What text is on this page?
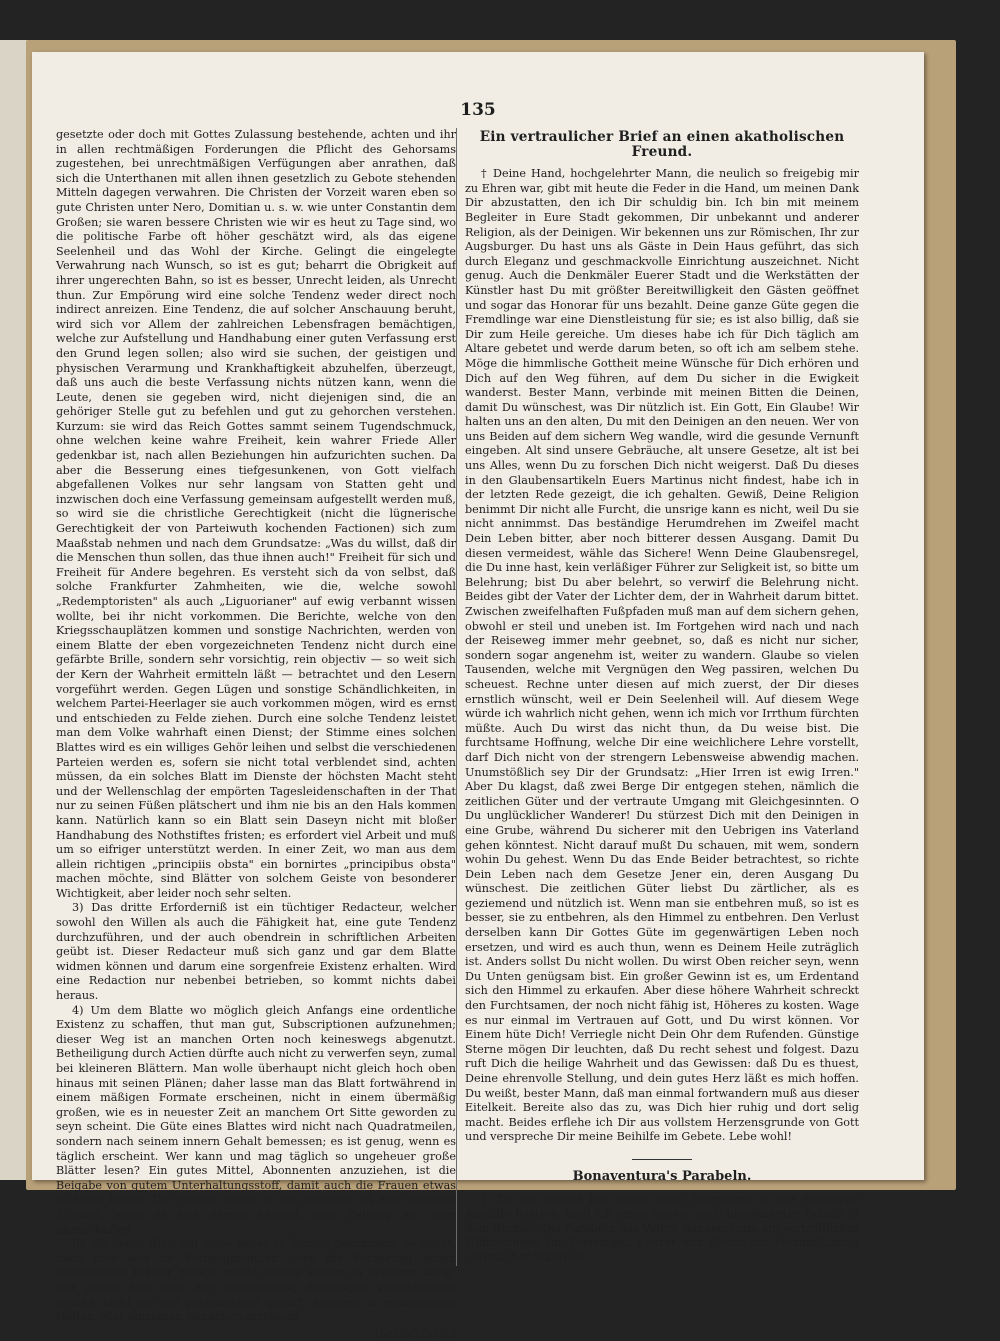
135

gesetzte oder doch mit Gottes Zulassung bestehende, achten und ihr in allen rechtmäßigen Forderungen die Pflicht des Gehorsams zugestehen, bei unrechtmäßigen Verfügungen aber anrathen, daß sich die Unterthanen mit allen ihnen gesetzlich zu Gebote stehenden Mitteln dagegen verwahren. Die Christen der Vorzeit waren eben so gute Christen unter Nero, Domitian u. s. w. wie unter Constantin dem Großen; sie waren bessere Christen wie wir es heut zu Tage sind, wo die politische Farbe oft höher geschätzt wird, als das eigene Seelenheil und das Wohl der Kirche. Gelingt die eingelegte Verwahrung nach Wunsch, so ist es gut; beharrt die Obrigkeit auf ihrer ungerechten Bahn, so ist es besser, Unrecht leiden, als Unrecht thun. Zur Empörung wird eine solche Tendenz weder direct noch indirect anreizen. Eine Tendenz, die auf solcher Anschauung beruht, wird sich vor Allem der zahlreichen Lebensfragen bemächtigen, welche zur Aufstellung und Handhabung einer guten Verfassung erst den Grund legen sollen; also wird sie suchen, der geistigen und physischen Verarmung und Krankhaftigkeit abzuhelfen, überzeugt, daß uns auch die beste Verfassung nichts nützen kann, wenn die Leute, denen sie gegeben wird, nicht diejenigen sind, die an gehöriger Stelle gut zu befehlen und gut zu gehorchen verstehen. Kurzum: sie wird das Reich Gottes sammt seinem Tugendschmuck, ohne welchen keine wahre Freiheit, kein wahrer Friede Aller gedenkbar ist, nach allen Beziehungen hin aufzurichten suchen. Da aber die Besserung eines tiefgesunkenen, von Gott vielfach abgefallenen Volkes nur sehr langsam von Statten geht und inzwischen doch eine Verfassung gemeinsam aufgestellt werden muß, so wird sie die christliche Gerechtigkeit (nicht die lügnerische Gerechtigkeit der von Parteiwuth kochenden Factionen) sich zum Maaßstab nehmen und nach dem Grundsatze: „Was du willst, daß dir die Menschen thun sollen, das thue ihnen auch!" Freiheit für sich und Freiheit für Andere begehren. Es versteht sich da von selbst, daß solche Frankfurter Zahmheiten, wie die, welche sowohl „Redemptoristen" als auch „Liguorianer" auf ewig verbannt wissen wollte, bei ihr nicht vorkommen. Die Berichte, welche von den Kriegsschauplätzen kommen und sonstige Nachrichten, werden von einem Blatte der eben vorgezeichneten Tendenz nicht durch eine gefärbte Brille, sondern sehr vorsichtig, rein objectiv — so weit sich der Kern der Wahrheit ermitteln läßt — betrachtet und den Lesern vorgeführt werden. Gegen Lügen und sonstige Schändlichkeiten, in welchem Partei-Heerlager sie auch vorkommen mögen, wird es ernst und entschieden zu Felde ziehen. Durch eine solche Tendenz leistet man dem Volke wahrhaft einen Dienst; der Stimme eines solchen Blattes wird es ein williges Gehör leihen und selbst die verschiedenen Parteien werden es, sofern sie nicht total verblendet sind, achten müssen, da ein solches Blatt im Dienste der höchsten Macht steht und der Wellenschlag der empörten Tagesleidenschaften in der That nur zu seinen Füßen plätschert und ihm nie bis an den Hals kommen kann. Natürlich kann so ein Blatt sein Daseyn nicht mit bloßer Handhabung des Nothstiftes fristen; es erfordert viel Arbeit und muß um so eifriger unterstützt werden. In einer Zeit, wo man aus dem allein richtigen „principiis obsta" ein bornirtes „principibus obsta" machen möchte, sind Blätter von solchem Geiste von besonderer Wichtigkeit, aber leider noch sehr selten.

3) Das dritte Erforderniß ist ein tüchtiger Redacteur, welcher sowohl den Willen als auch die Fähigkeit hat, eine gute Tendenz durchzuführen, und der auch obendrein in schriftlichen Arbeiten geübt ist. Dieser Redacteur muß sich ganz und gar dem Blatte widmen können und darum eine sorgenfreie Existenz erhalten. Wird eine Redaction nur nebenbei betrieben, so kommt nichts dabei heraus.

4) Um dem Blatte wo möglich gleich Anfangs eine ordentliche Existenz zu schaffen, thut man gut, Subscriptionen aufzunehmen; dieser Weg ist an manchen Orten noch keineswegs abgenutzt. Betheiligung durch Actien dürfte auch nicht zu verwerfen seyn, zumal bei kleineren Blättern. Man wolle überhaupt nicht gleich hoch oben hinaus mit seinen Plänen; daher lasse man das Blatt fortwährend in einem mäßigen Formate erscheinen, nicht in einem übermäßig großen, wie es in neuester Zeit an manchem Ort Sitte geworden zu seyn scheint. Die Güte eines Blattes wird nicht nach Quadratmeilen, sondern nach seinem innern Gehalt bemessen; es ist genug, wenn es täglich erscheint. Wer kann und mag täglich so ungeheuer große Blätter lesen? Ein gutes Mittel, Abonnenten anzuziehen, ist die Beigabe von gutem Unterhaltungsstoff, damit auch die Frauen etwas zu lesen haben. Die Frauen haben in den Familien oft eine wichtige Stimme, wenn es sich darum handelt, eine Zeitung an- oder abzuschaffen.

Ist ein neues Blatt auf diese Weise zu Stande gekommen, so bleibt, nach dem was im Vorhergehenden über die Förderung schon bestehender Blätter gesagt wurde, nichts weiter zu erörtern übrig. Wir gehen also über zur Besprechung derjenigen Volksliteratur, welche nicht zu den periodischen gehört, sondern in zwangslosen Heften oder einzelnen Bändchen erscheint.

(Schluß folgt.)
Ein vertraulicher Brief an einen akatholischen Freund.

† Deine Hand, hochgelehrter Mann, die neulich so freigebig mir zu Ehren war, gibt mit heute die Feder in die Hand, um meinen Dank Dir abzustatten, den ich Dir schuldig bin. Ich bin mit meinem Begleiter in Eure Stadt gekommen, Dir unbekannt und anderer Religion, als der Deinigen. Wir bekennen uns zur Römischen, Ihr zur Augsburger. Du hast uns als Gäste in Dein Haus geführt, das sich durch Eleganz und geschmackvolle Einrichtung auszeichnet. Nicht genug. Auch die Denkmäler Euerer Stadt und die Werkstätten der Künstler hast Du mit größter Bereitwilligkeit den Gästen geöffnet und sogar das Honorar für uns bezahlt. Deine ganze Güte gegen die Fremdlinge war eine Dienstleistung für sie; es ist also billig, daß sie Dir zum Heile gereiche. Um dieses habe ich für Dich täglich am Altare gebetet und werde darum beten, so oft ich am selbem stehe. Möge die himmlische Gottheit meine Wünsche für Dich erhören und Dich auf den Weg führen, auf dem Du sicher in die Ewigkeit wanderst. Bester Mann, verbinde mit meinen Bitten die Deinen, damit Du wünschest, was Dir nützlich ist. Ein Gott, Ein Glaube! Wir halten uns an den alten, Du mit den Deinigen an den neuen. Wer von uns Beiden auf dem sichern Weg wandle, wird die gesunde Vernunft eingeben. Alt sind unsere Gebräuche, alt unsere Gesetze, alt ist bei uns Alles, wenn Du zu forschen Dich nicht weigerst. Daß Du dieses in den Glaubensartikeln Euers Martinus nicht findest, habe ich in der letzten Rede gezeigt, die ich gehalten. Gewiß, Deine Religion benimmt Dir nicht alle Furcht, die unsrige kann es nicht, weil Du sie nicht annimmst. Das beständige Herumdrehen im Zweifel macht Dein Leben bitter, aber noch bitterer dessen Ausgang. Damit Du diesen vermeidest, wähle das Sichere! Wenn Deine Glaubensregel, die Du inne hast, kein verläßiger Führer zur Seligkeit ist, so bitte um Belehrung; bist Du aber belehrt, so verwirf die Belehrung nicht. Beides gibt der Vater der Lichter dem, der in Wahrheit darum bittet. Zwischen zweifelhaften Fußpfaden muß man auf dem sichern gehen, obwohl er steil und uneben ist. Im Fortgehen wird nach und nach der Reiseweg immer mehr geebnet, so, daß es nicht nur sicher, sondern sogar angenehm ist, weiter zu wandern. Glaube so vielen Tausenden, welche mit Vergnügen den Weg passiren, welchen Du scheuest. Rechne unter diesen auf mich zuerst, der Dir dieses ernstlich wünscht, weil er Dein Seelenheil will. Auf diesem Wege würde ich wahrlich nicht gehen, wenn ich mich vor Irrthum fürchten müßte. Auch Du wirst das nicht thun, da Du weise bist. Die furchtsame Hoffnung, welche Dir eine weichlichere Lehre vorstellt, darf Dich nicht von der strengern Lebensweise abwendig machen. Unumstößlich sey Dir der Grundsatz: „Hier Irren ist ewig Irren." Aber Du klagst, daß zwei Berge Dir entgegen stehen, nämlich die zeitlichen Güter und der vertraute Umgang mit Gleichgesinnten. O Du unglücklicher Wanderer! Du stürzest Dich mit den Deinigen in eine Grube, während Du sicherer mit den Uebrigen ins Vaterland gehen könntest. Nicht darauf mußt Du schauen, mit wem, sondern wohin Du gehest. Wenn Du das Ende Beider betrachtest, so richte Dein Leben nach dem Gesetze Jener ein, deren Ausgang Du wünschest. Die zeitlichen Güter liebst Du zärtlicher, als es geziemend und nützlich ist. Wenn man sie entbehren muß, so ist es besser, sie zu entbehren, als den Himmel zu entbehren. Den Verlust derselben kann Dir Gottes Güte im gegenwärtigen Leben noch ersetzen, und wird es auch thun, wenn es Deinem Heile zuträglich ist. Anders sollst Du nicht wollen. Du wirst Oben reicher seyn, wenn Du Unten genügsam bist. Ein großer Gewinn ist es, um Erdentand sich den Himmel zu erkaufen. Aber diese höhere Wahrheit schreckt den Furchtsamen, der noch nicht fähig ist, Höheres zu kosten. Wage es nur einmal im Vertrauen auf Gott, und Du wirst können. Vor Einem hüte Dich! Verriegle nicht Dein Ohr dem Rufenden. Günstige Sterne mögen Dir leuchten, daß Du recht sehest und folgest. Dazu ruft Dich die heilige Wahrheit und das Gewissen: daß Du es thuest, Deine ehrenvolle Stellung, und dein gutes Herz läßt es mich hoffen. Du weißt, bester Mann, daß man einmal fortwandern muß aus dieser Eitelkeit. Bereite also das zu, was Dich hier ruhig und dort selig macht. Beides erflehe ich Dir aus vollstem Herzensgrunde von Gott und verspreche Dir meine Beihilfe im Gebete. Lebe wohl!

Bonaventura's Parabeln.

† Da ich einmal bei einem alten Pfarrherrn in der Seelsorge Aushilfe leistete, fand ich einen neuen, noch ungekannten Schatz in dem Buche: „Die Parabeln des Vaters Bonaventura; ein vortreffliches Hilfsbüchlein für Seelsorger, Lehrer und Eltern zur Versinnlichung christlicher Wahrheit
